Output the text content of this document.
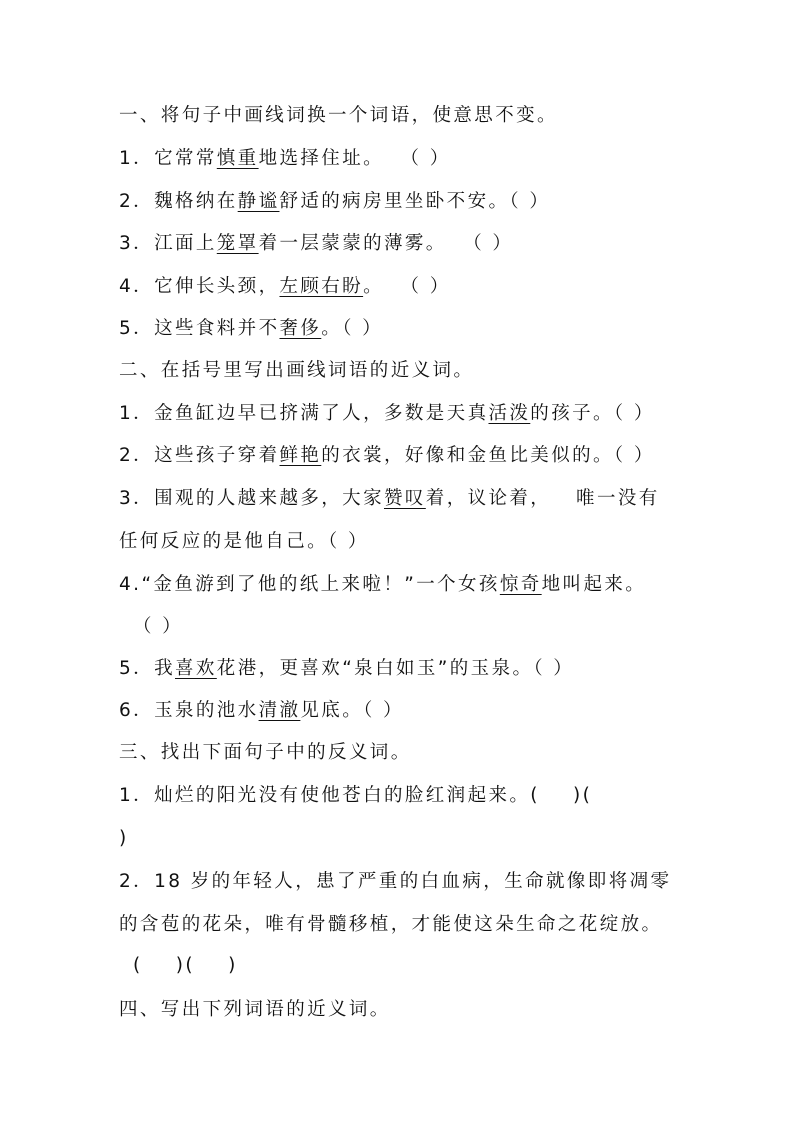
一、将句子中画线词换一个词语，使意思不变。
1．它常常慎重地选择住址。  （ ）
2．魏格纳在静谧舒适的病房里坐卧不安。（ ）
3．江面上笼罩着一层蒙蒙的薄雾。  （ ）
4．它伸长头颈，左顾右盼。  （ ）
5．这些食料并不奢侈。（ ）
二、在括号里写出画线词语的近义词。
1．金鱼缸边早已挤满了人，多数是天真活泼的孩子。（ ）
2．这些孩子穿着鲜艳的衣裳，好像和金鱼比美似的。（ ）
3．围观的人越来越多，大家赞叹着，议论着，   唯一没有
任何反应的是他自己。（ ）
4.“金鱼游到了他的纸上来啦！”一个女孩惊奇地叫起来。
（ ）
5．我喜欢花港，更喜欢“泉白如玉”的玉泉。（ ）
6．玉泉的池水清澈见底。（ ）
三、找出下面句子中的反义词。
1．灿烂的阳光没有使他苍白的脸红润起来。(    )(
)
2．18 岁的年轻人，患了严重的白血病，生命就像即将凋零
的含苞的花朵，唯有骨髓移植，才能使这朵生命之花绽放。
(    )(    )
四、写出下列词语的近义词。
